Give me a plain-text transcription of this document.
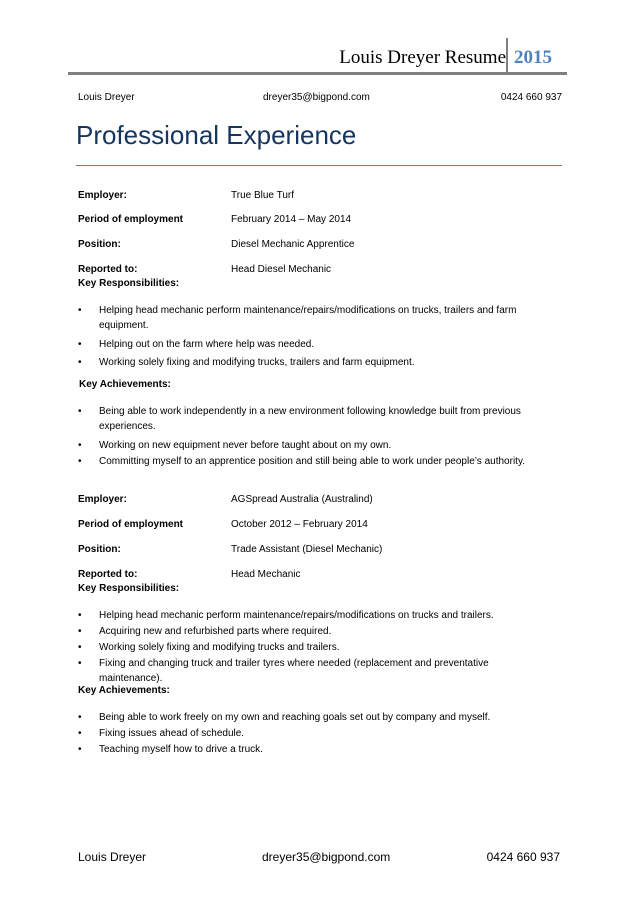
Louis Dreyer Resume 2015
Louis Dreyer	dreyer35@bigpond.com	0424 660 937
Professional Experience
Employer:	True Blue Turf
Period of employment	February 2014 – May 2014
Position:	Diesel Mechanic Apprentice
Reported to:	Head Diesel Mechanic
Key Responsibilities:
• Helping head mechanic perform maintenance/repairs/modifications on trucks, trailers and farm equipment.
• Helping out on the farm where help was needed.
• Working solely fixing and modifying trucks, trailers and farm equipment.
Key Achievements:
• Being able to work independently in a new environment following knowledge built from previous experiences.
• Working on new equipment never before taught about on my own.
• Committing myself to an apprentice position and still being able to work under people’s authority.
Employer:	AGSpread Australia (Australind)
Period of employment	October 2012 – February 2014
Position:	Trade Assistant (Diesel Mechanic)
Reported to:	Head Mechanic
Key Responsibilities:
• Helping head mechanic perform maintenance/repairs/modifications on trucks and trailers.
• Acquiring new and refurbished parts where required.
• Working solely fixing and modifying trucks and trailers.
• Fixing and changing truck and trailer tyres where needed (replacement and preventative maintenance).
Key Achievements:
• Being able to work freely on my own and reaching goals set out by company and myself.
• Fixing issues ahead of schedule.
• Teaching myself how to drive a truck.
Louis Dreyer	dreyer35@bigpond.com	0424 660 937
